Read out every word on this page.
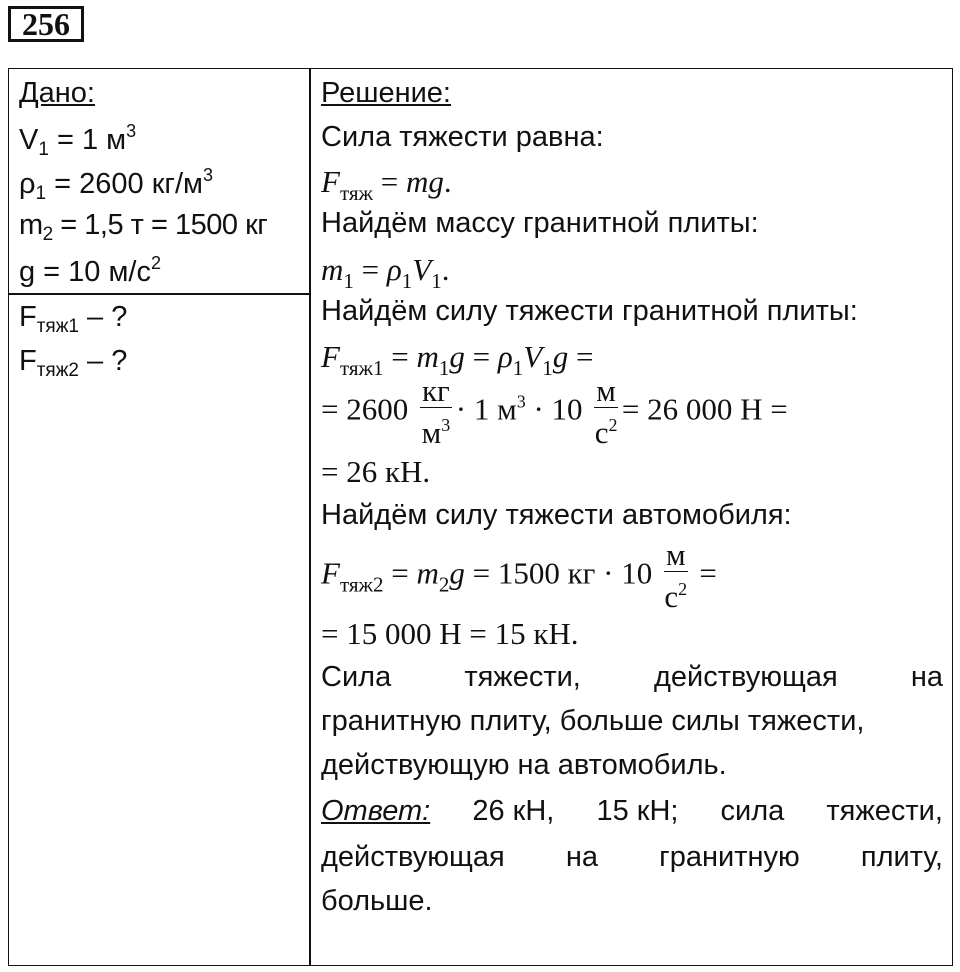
256
Дано:
$V_1 = 1$ $м^3$
$\rho_1 = 2600$ $кг/м^3$
$m_2 = 1,5$ т = 1500 кг
g = 10 $м/с^2$
$F_{тяж1}$ – ?
$F_{тяж2}$ – ?
Решение:
Сила тяжести равна:
$F_{тяж}$ = mg.
Найдём массу гранитной плиты:
$m_1 = \rho_1V_1$.
Найдём силу тяжести гранитной плиты:
$F_{тяж1} = m_1g = \rho_1V_1g$ =
= $2600 \frac{кг}{м^3} \cdot 1$ $м^3 \cdot 10 \frac{м}{с^2} = 26$ 000 Н =
= 26 кН.
Найдём силу тяжести автомобиля:
$F_{тяж2} = m_2g = 1500$ кг · $10 \frac{м}{с^2}$ =
= 15 000 Н = 15 кН.
Сила	тяжести,	действующая	на
гранитную плиту, больше силы тяжести,
действующую на автомобиль.
Ответ: 26 кН, 15 кН; сила тяжести,
действующая на гранитную плиту,
больше.
